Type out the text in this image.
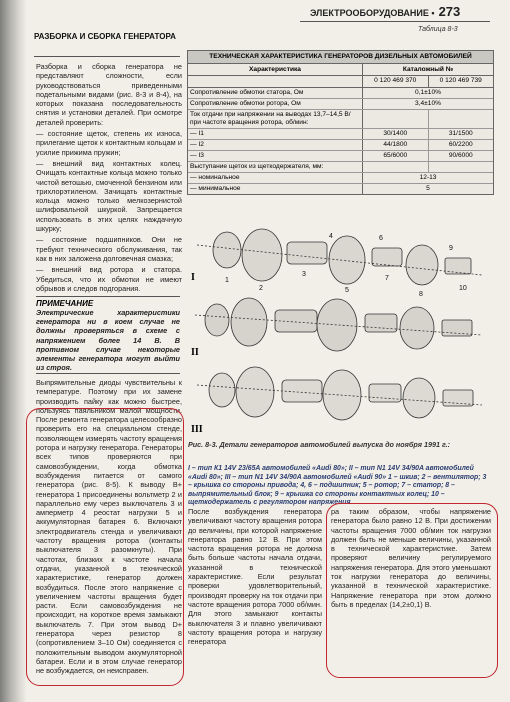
ЭЛЕКТРООБОРУДОВАНИЕ • 273
РАЗБОРКА И СБОРКА ГЕНЕРАТОРА

Разборка и сборка генератора не представляют сложности, если руководствоваться приведенными подетальными видами (рис. 8-3 и 8-4), на которых показана последовательность снятия и установки деталей. При осмотре деталей проверить:

— состояние щеток, степень их износа, прилегание щеток к контактным кольцам и усилие прижима пружин;

— внешний вид контактных колец. Очищать контактные кольца можно только чистой ветошью, смоченной бензином или трихлорэтиленом. Зачищать контактные кольца можно только мелкозернистой шлифовальной шкуркой. Запрещается использовать в этих целях наждачную шкурку;

— состояние подшипников. Они не требуют технического обслуживания, так как в них заложена долговечная смазка;

— внешний вид ротора и статора. Убедиться, что их обмотки не имеют обрывов и следов подгорания.

ПРИМЕЧАНИЕ
Электрические характеристики генератора ни в коем случае не должны проверяться в схеме с напряжением более 14 В. В противном случае некоторые элементы генератора могут выйти из строя.

Выпрямительные диоды чувствительны к температуре. Поэтому при их замене производить пайку как можно быстрее, пользуясь паяльником малой мощности. После ремонта генератора целесообразно проверить его на специальном стенде, позволяющем измерять частоту вращения ротора и нагрузку генератора. Генераторы всех типов проверяются при самовозбуждении, когда обмотка возбуждения питается от самого генератора (рис. 8-5). К выводу В+ генератора 1 присоединены вольтметр 2 и параллельно ему через выключатель 3 и амперметр 4 реостат нагрузки 5 и аккумуляторная батарея 6. Включают электродвигатель стенда и увеличивают частоту вращения ротора (контакты выключателя 3 разомкнуты). При частотах, близких к частоте начала отдачи, указанной в технической характеристике, генератор должен возбудиться. После этого напряжение с увеличением частоты вращения будет расти. Если самовозбуждения не происходит, на короткое время замыкают выключатель 7. При этом вывод D+ генератора через резистор 8 (сопротивлением 3–10 Ом) соединяется с положительным выводом аккумуляторной батареи. Если и в этом случае генератор не возбуждается, он неисправен.

Таблица 8-3
ТЕХНИЧЕСКАЯ ХАРАКТЕРИСТИКА ГЕНЕРАТОРОВ ДИЗЕЛЬНЫХ АВТОМОБИЛЕЙ
Характеристика	Каталожный №
0 120 469 370	0 120 469 739
Сопротивление обмотки статора, Ом	0,1±10%
Сопротивление обмотки ротора, Ом	3,4±10%
Ток отдачи при напряжении на выводах 13,7–14,5 В/при частоте вращения ротора, об/мин:
— I1	30/1400	31/1500
— I2	44/1800	60/2200
— I3	65/6000	90/6000
Выступание щеток из щеткодержателя, мм:
— номинальное	12-13
— минимальное	5
I
II
III
1
2
3
4
5
6
7
8
9
10
Рис. 8-3. Детали генераторов автомобилей выпуска до ноября 1991 г.:
I – тип К1 14V 23/65A автомобилей «Audi 80»; II – тип N1 14V 34/90A автомобилей «Audi 80»; III – тип N1 14V 34/90A автомобилей «Audi 90» 1 – шкив; 2 – вентилятор; 3 – крышка со стороны привода; 4, 6 – подшипник; 5 – ротор; 7 – статор; 8 – выпрямительный блок; 9 – крышка со стороны контактных колец; 10 – щеткодержатель с регулятором напряжения

После возбуждения генератора увеличивают частоту вращения ротора до величины, при которой напряжение генератора равно 12 В. При этом частота вращения ротора не должна быть больше частоты начала отдачи, указанной в технической характеристике. Если результат проверки удовлетворительный, производят проверку на ток отдачи при частоте вращения ротора 7000 об/мин. Для этого замыкают контакты выключателя 3 и плавно увеличивают частоту вращения ротора и нагрузку генератора

ра таким образом, чтобы напряжение генератора было равно 12 В. При достижении частоты вращения 7000 об/мин ток нагрузки должен быть не меньше величины, указанной в технической характеристике. Затем проверяют величину регулируемого напряжения генератора. Для этого уменьшают ток нагрузки генератора до величины, указанной в технической характеристике. Напряжение генератора при этом должно быть в пределах (14,2±0,1) В.
